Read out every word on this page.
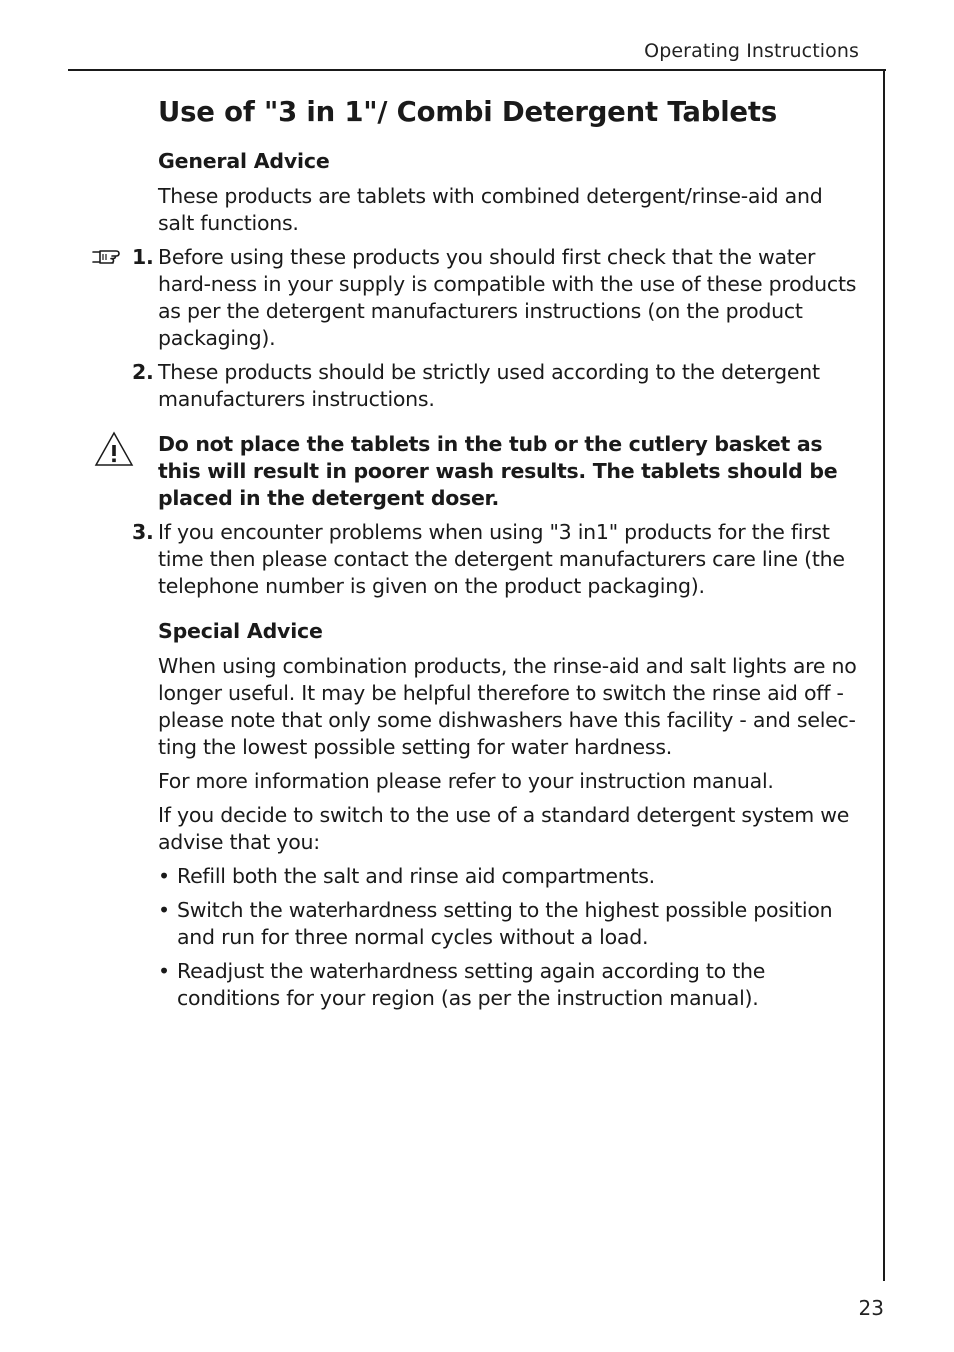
Operating Instructions
Use of "3 in 1"/ Combi Detergent Tablets
General Advice

These products are tablets with combined detergent/rinse-aid and salt functions.

1. Before using these products you should first check that the water hard-ness in your supply is compatible with the use of these products as per the detergent manufacturers instructions (on the product packaging).
2. These products should be strictly used according to the detergent manufacturers instructions.
Do not place the tablets in the tub or the cutlery basket as this will result in poorer wash results. The tablets should be placed in the detergent doser.
3. If you encounter problems when using "3 in1" products for the first time then please contact the detergent manufacturers care line (the telephone number is given on the product packaging).
Special Advice

When using combination products, the rinse-aid and salt lights are no longer useful. It may be helpful therefore to switch the rinse aid off - please note that only some dishwashers have this facility - and selec-ting the lowest possible setting for water hardness.

For more information please refer to your instruction manual.

If you decide to switch to the use of a standard detergent system we advise that you:

• Refill both the salt and rinse aid compartments.
• Switch the waterhardness setting to the highest possible position and run for three normal cycles without a load.
• Readjust the waterhardness setting again according to the conditions for your region (as per the instruction manual).
23
